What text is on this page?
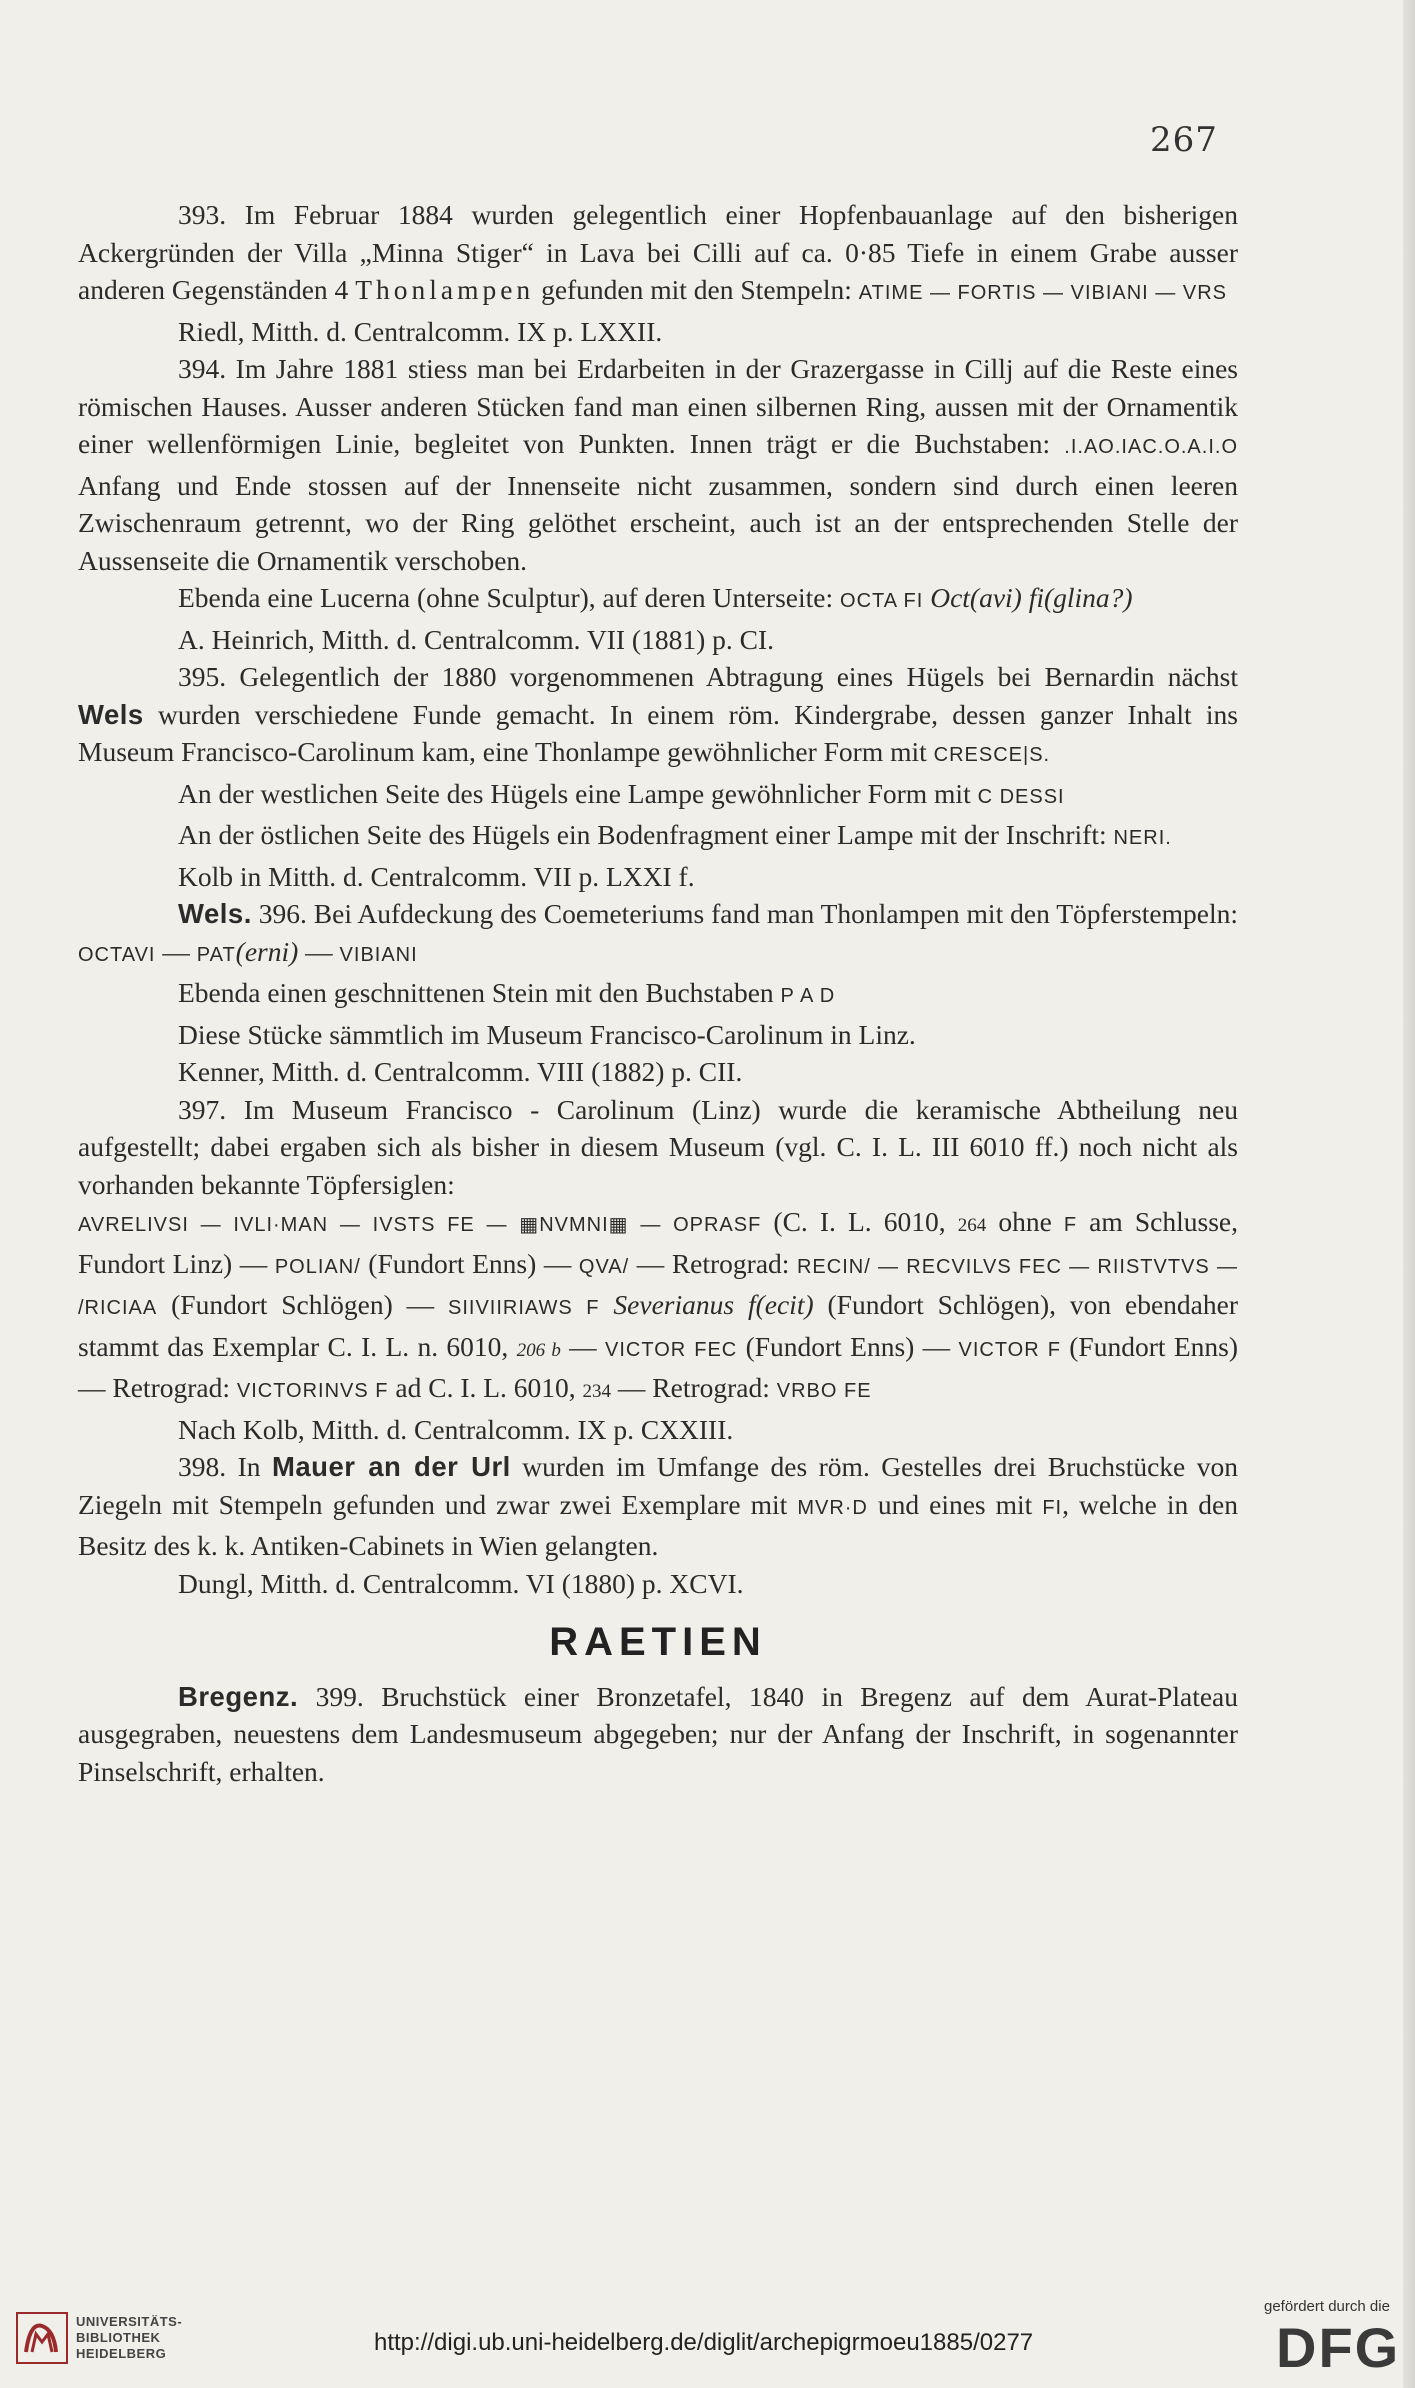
267

393. Im Februar 1884 wurden gelegentlich einer Hopfenbauanlage auf den bisherigen Ackergründen der Villa „Minna Stiger“ in Lava bei Cilli auf ca. 0·85 Tiefe in einem Grabe ausser anderen Gegenständen 4 Thonlampen gefunden mit den Stempeln: ATIME — FORTIS — VIBIANI — VRS

Riedl, Mitth. d. Centralcomm. IX p. LXXII.

394. Im Jahre 1881 stiess man bei Erdarbeiten in der Grazergasse in Cillj auf die Reste eines römischen Hauses. Ausser anderen Stücken fand man einen silbernen Ring, aussen mit der Ornamentik einer wellenförmigen Linie, begleitet von Punkten. Innen trägt er die Buchstaben: .I.AO.IAC.O.A.I.O Anfang und Ende stossen auf der Innenseite nicht zusammen, sondern sind durch einen leeren Zwischenraum getrennt, wo der Ring gelöthet erscheint, auch ist an der entsprechenden Stelle der Aussenseite die Ornamentik verschoben.

Ebenda eine Lucerna (ohne Sculptur), auf deren Unterseite: OCTA FI Oct(avi) fi(glina?)

A. Heinrich, Mitth. d. Centralcomm. VII (1881) p. CI.

395. Gelegentlich der 1880 vorgenommenen Abtragung eines Hügels bei Bernardin nächst Wels wurden verschiedene Funde gemacht. In einem röm. Kindergrabe, dessen ganzer Inhalt ins Museum Francisco-Carolinum kam, eine Thonlampe gewöhnlicher Form mit CRESCE|S.

An der westlichen Seite des Hügels eine Lampe gewöhnlicher Form mit C DESSI

An der östlichen Seite des Hügels ein Bodenfragment einer Lampe mit der Inschrift: NERI.

Kolb in Mitth. d. Centralcomm. VII p. LXXI f.

Wels. 396. Bei Aufdeckung des Coemeteriums fand man Thonlampen mit den Töpferstempeln: OCTAVI — PAT(erni) — VIBIANI

Ebenda einen geschnittenen Stein mit den Buchstaben P A D

Diese Stücke sämmtlich im Museum Francisco-Carolinum in Linz.

Kenner, Mitth. d. Centralcomm. VIII (1882) p. CII.

397. Im Museum Francisco - Carolinum (Linz) wurde die keramische Abtheilung neu aufgestellt; dabei ergaben sich als bisher in diesem Museum (vgl. C. I. L. III 6010 ff.) noch nicht als vorhanden bekannte Töpfersiglen:

AVRELIVSI — IVLI·MAN — IVSTS FE — ▦NVMNI▦ — OPRASF (C. I. L. 6010, 264 ohne F am Schlusse, Fundort Linz) — POLIAN/ (Fundort Enns) — QVA/ — Retrograd: RECIN/ — RECVILVS FEC — RIISTVTVS — /RICIAA (Fundort Schlögen) — SIIVIIRIAWS F Severianus f(ecit) (Fundort Schlögen), von ebendaher stammt das Exemplar C. I. L. n. 6010, 206 b — VICTOR FEC (Fundort Enns) — VICTOR F (Fundort Enns) — Retrograd: VICTORINVS F ad C. I. L. 6010, 234 — Retrograd: VRBO FE

Nach Kolb, Mitth. d. Centralcomm. IX p. CXXIII.

398. In Mauer an der Url wurden im Umfange des röm. Gestelles drei Bruchstücke von Ziegeln mit Stempeln gefunden und zwar zwei Exemplare mit MVR·D und eines mit FI, welche in den Besitz des k. k. Antiken-Cabinets in Wien gelangten.

Dungl, Mitth. d. Centralcomm. VI (1880) p. XCVI.

RAETIEN

Bregenz. 399. Bruchstück einer Bronzetafel, 1840 in Bregenz auf dem Aurat-Plateau ausgegraben, neuestens dem Landesmuseum abgegeben; nur der Anfang der Inschrift, in sogenannter Pinselschrift, erhalten.

UNIVERSITÄTS-
BIBLIOTHEK
HEIDELBERG	http://digi.ub.uni-heidelberg.de/diglit/archepigrmoeu1885/0277
gefördert durch die
DFG
